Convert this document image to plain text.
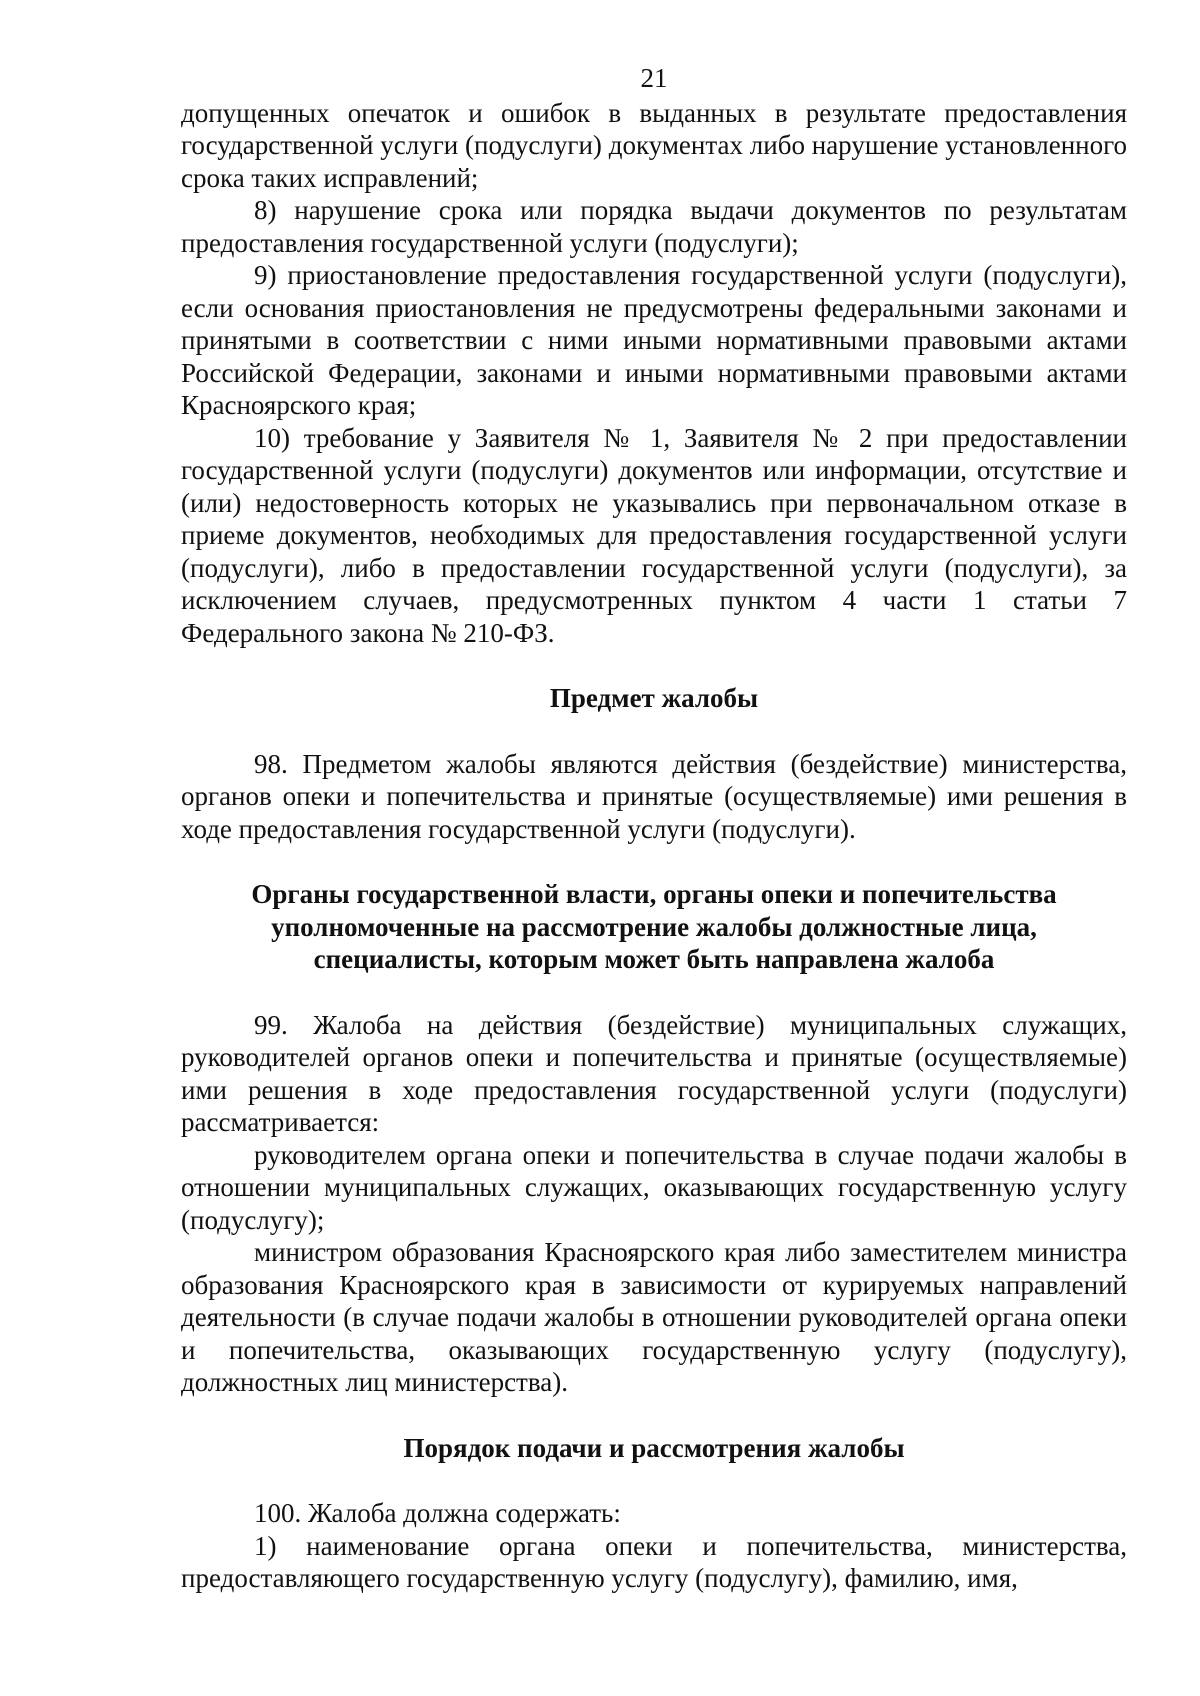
21

допущенных опечаток и ошибок в выданных в результате предоставления государственной услуги (подуслуги) документах либо нарушение установленного срока таких исправлений;

8) нарушение срока или порядка выдачи документов по результатам предоставления государственной услуги (подуслуги);

9) приостановление предоставления государственной услуги (подуслуги), если основания приостановления не предусмотрены федеральными законами и принятыми в соответствии с ними иными нормативными правовыми актами Российской Федерации, законами и иными нормативными правовыми актами Красноярского края;

10) требование у Заявителя № 1, Заявителя № 2 при предоставлении государственной услуги (подуслуги) документов или информации, отсутствие и (или) недостоверность которых не указывались при первоначальном отказе в приеме документов, необходимых для предоставления государственной услуги (подуслуги), либо в предоставлении государственной услуги (подуслуги), за исключением случаев, предусмотренных пунктом 4 части 1 статьи 7 Федерального закона № 210-ФЗ.

Предмет жалобы

98. Предметом жалобы являются действия (бездействие) министерства, органов опеки и попечительства и принятые (осуществляемые) ими решения в ходе предоставления государственной услуги (подуслуги).

Органы государственной власти, органы опеки и попечительства
уполномоченные на рассмотрение жалобы должностные лица,
специалисты, которым может быть направлена жалоба

99. Жалоба на действия (бездействие) муниципальных служащих, руководителей органов опеки и попечительства и принятые (осуществляемые) ими решения в ходе предоставления государственной услуги (подуслуги) рассматривается:

руководителем органа опеки и попечительства в случае подачи жалобы в отношении муниципальных служащих, оказывающих государственную услугу (подуслугу);

министром образования Красноярского края либо заместителем министра образования Красноярского края в зависимости от курируемых направлений деятельности (в случае подачи жалобы в отношении руководителей органа опеки и попечительства, оказывающих государственную услугу (подуслугу), должностных лиц министерства).

Порядок подачи и рассмотрения жалобы

100. Жалоба должна содержать:

1) наименование органа опеки и попечительства, министерства, предоставляющего государственную услугу (подуслугу), фамилию, имя,
